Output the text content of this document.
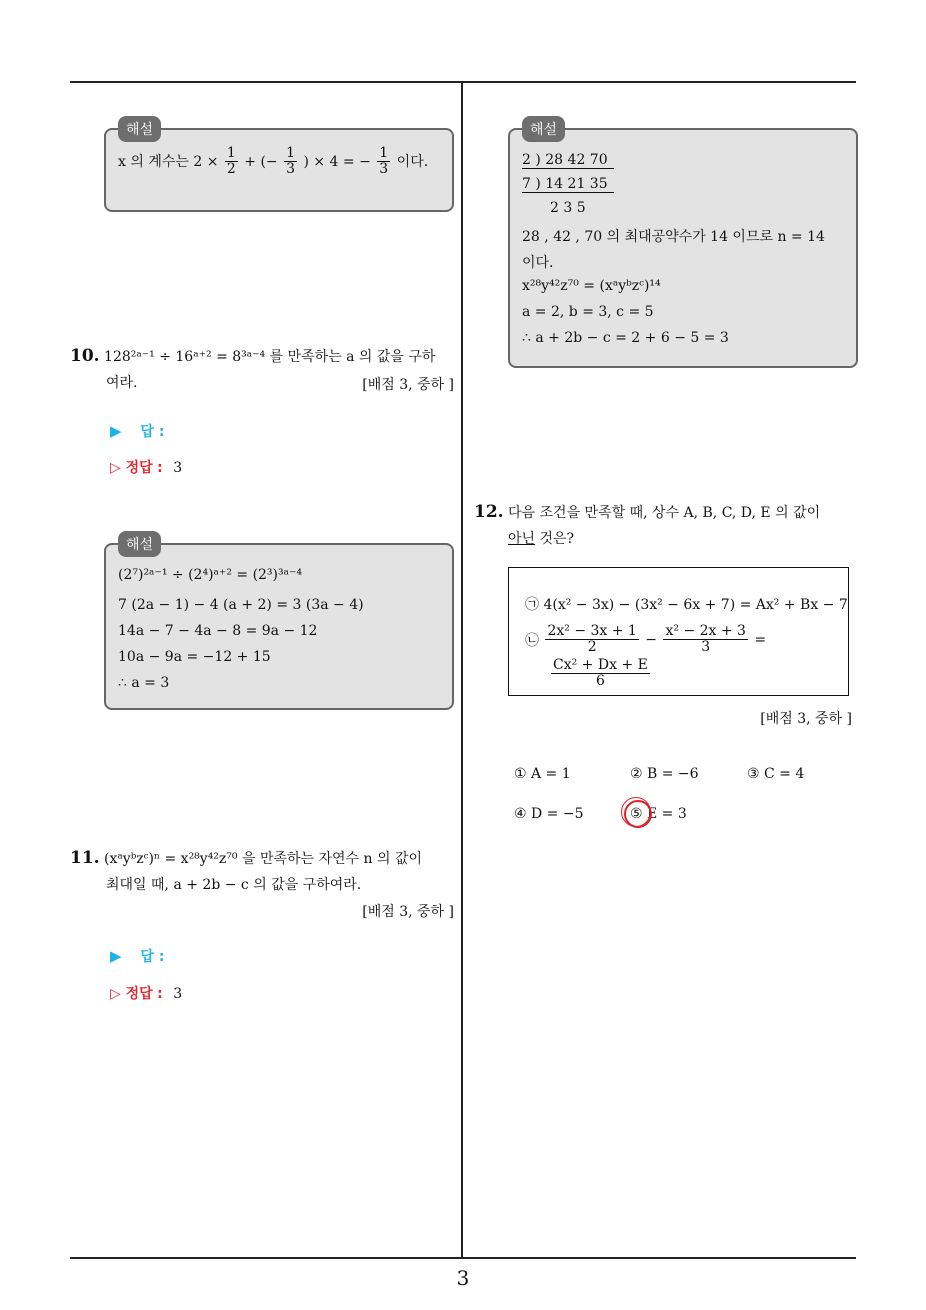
x 의 계수는 $2 \times \frac{1}{2}$ + (− $\frac{1}{3}$ ) × 4 = − $\frac{1}{3}$ 이다.
해설
10. 128²ᵃ⁻¹ ÷ 16ᵃ⁺² = 8³ᵃ⁻⁴ 를 만족하는 a 의 값을 구하
여라.	[배점 3, 중하 ]
▶ 답 :
▷ 정답 : 3
(2⁷)²ᵃ⁻¹ ÷ (2⁴)ᵃ⁺² = (2³)³ᵃ⁻⁴
7 (2a − 1) − 4 (a + 2) = 3 (3a − 4)
14a − 7 − 4a − 8 = 9a − 12
10a − 9a = −12 + 15
∴ a = 3
해설
11. (xᵃyᵇzᶜ)ⁿ = x²⁸y⁴²z⁷⁰ 을 만족하는 자연수 n 의 값이
최대일 때, a + 2b − c 의 값을 구하여라.
[배점 3, 중하 ]
▶ 답 :
▷ 정답 : 3
2 ) 28 42 70
7 ) 14 21 35
2 3 5
28 , 42 , 70 의 최대공약수가 14 이므로 n = 14
이다.
x²⁸y⁴²z⁷⁰ = (xᵃyᵇzᶜ)¹⁴
a = 2, b = 3, c = 5
∴ a + 2b − c = 2 + 6 − 5 = 3
해설
12. 다음 조건을 만족할 때, 상수 A, B, C, D, E 의 값이
아닌 것은?
㉠ 4(x² − 3x) − (3x² − 6x + 7) = Ax² + Bx − 7
㉡ $\frac{\text{2x² − 3x + 1}}{2} - \frac{\text{x² − 2x + 3}}{3}$ =
$\frac{\text{Cx² + Dx + E}}{6}$
[배점 3, 중하 ]
① A = 1	② B = −6	③ C = 4
④ D = −5	⑤ E = 3
3
